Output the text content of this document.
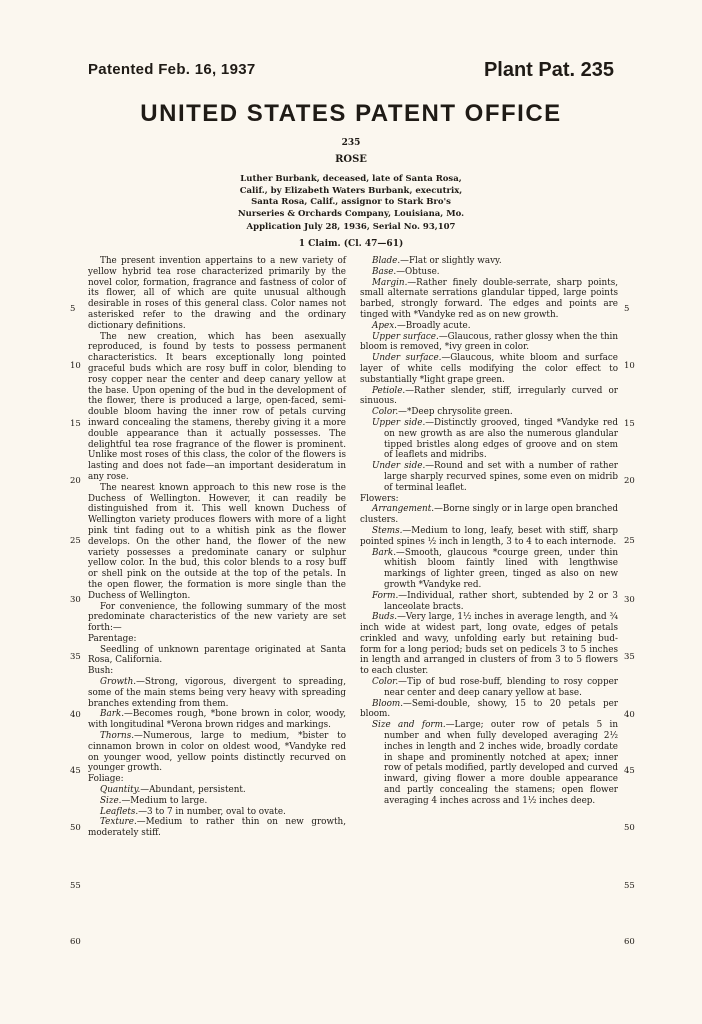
Patented Feb. 16, 1937	Plant Pat. 235
UNITED STATES PATENT OFFICE
235
ROSE
Luther Burbank, deceased, late of Santa Rosa,
Calif., by Elizabeth Waters Burbank, executrix,
Santa Rosa, Calif., assignor to Stark Bro's
Nurseries & Orchards Company, Louisiana, Mo.
Application July 28, 1936, Serial No. 93,107
1 Claim. (Cl. 47—61)

The present invention appertains to a new variety of yellow hybrid tea rose characterized primarily by the novel color, formation, fragrance and fastness of color of its flower, all of which are quite unusual although desirable in roses of this general class. Color names not asterisked refer to the drawing and the ordinary dictionary definitions.

The new creation, which has been asexually reproduced, is found by tests to possess permanent characteristics. It bears exceptionally long pointed graceful buds which are rosy buff in color, blending to rosy copper near the center and deep canary yellow at the base. Upon opening of the bud in the development of the flower, there is produced a large, open-faced, semi-double bloom having the inner row of petals curving inward concealing the stamens, thereby giving it a more double appearance than it actually possesses. The delightful tea rose fragrance of the flower is prominent. Unlike most roses of this class, the color of the flowers is lasting and does not fade—an important desideratum in any rose.

The nearest known approach to this new rose is the Duchess of Wellington. However, it can readily be distinguished from it. This well known Duchess of Wellington variety produces flowers with more of a light pink tint fading out to a whitish pink as the flower develops. On the other hand, the flower of the new variety possesses a predominate canary or sulphur yellow color. In the bud, this color blends to a rosy buff or shell pink on the outside at the top of the petals. In the open flower, the formation is more single than the Duchess of Wellington.

For convenience, the following summary of the most predominate characteristics of the new variety are set forth:—

Parentage:

Seedling of unknown parentage originated at Santa Rosa, California.

Bush:

Growth.—Strong, vigorous, divergent to spreading, some of the main stems being very heavy with spreading branches extending from them.

Bark.—Becomes rough, *bone brown in color, woody, with longitudinal *Verona brown ridges and markings.

Thorns.—Numerous, large to medium, *bister to cinnamon brown in color on oldest wood, *Vandyke red on younger wood, yellow points distinctly recurved on younger growth.

Foliage:

Quantity.—Abundant, persistent.

Size.—Medium to large.

Leaflets.—3 to 7 in number, oval to ovate.

Texture.—Medium to rather thin on new growth, moderately stiff.

Blade.—Flat or slightly wavy.

Base.—Obtuse.

Margin.—Rather finely double-serrate, sharp points, small alternate serrations glandular tipped, large points barbed, strongly forward. The edges and points are tinged with *Vandyke red as on new growth.

Apex.—Broadly acute.

Upper surface.—Glaucous, rather glossy when the thin bloom is removed, *ivy green in color.

Under surface.—Glaucous, white bloom and surface layer of white cells modifying the color effect to substantially *light grape green.

Petiole.—Rather slender, stiff, irregularly curved or sinuous.

Color.—*Deep chrysolite green.

Upper side.—Distinctly grooved, tinged *Vandyke red on new growth as are also the numerous glandular tipped bristles along edges of groove and on stem of leaflets and midribs.

Under side.—Round and set with a number of rather large sharply recurved spines, some even on midrib of terminal leaflet.

Flowers:

Arrangement.—Borne singly or in large open branched clusters.

Stems.—Medium to long, leafy, beset with stiff, sharp pointed spines ½ inch in length, 3 to 4 to each internode.

Bark.—Smooth, glaucous *courge green, under thin whitish bloom faintly lined with lengthwise markings of lighter green, tinged as also on new growth *Vandyke red.

Form.—Individual, rather short, subtended by 2 or 3 lanceolate bracts.

Buds.—Very large, 1½ inches in average length, and ¾ inch wide at widest part, long ovate, edges of petals crinkled and wavy, unfolding early but retaining bud-form for a long period; buds set on pedicels 3 to 5 inches in length and arranged in clusters of from 3 to 5 flowers to each cluster.

Color.—Tip of bud rose-buff, blending to rosy copper near center and deep canary yellow at base.

Bloom.—Semi-double, showy, 15 to 20 petals per bloom.

Size and form.—Large; outer row of petals 5 in number and when fully developed averaging 2½ inches in length and 2 inches wide, broadly cordate in shape and prominently notched at apex; inner row of petals modified, partly developed and curved inward, giving flower a more double appearance and partly concealing the stamens; open flower averaging 4 inches across and 1½ inches deep.

5
10
15
20
25
30
35
40
45
50
55
60
5
10
15
20
25
30
35
40
45
50
55
60
